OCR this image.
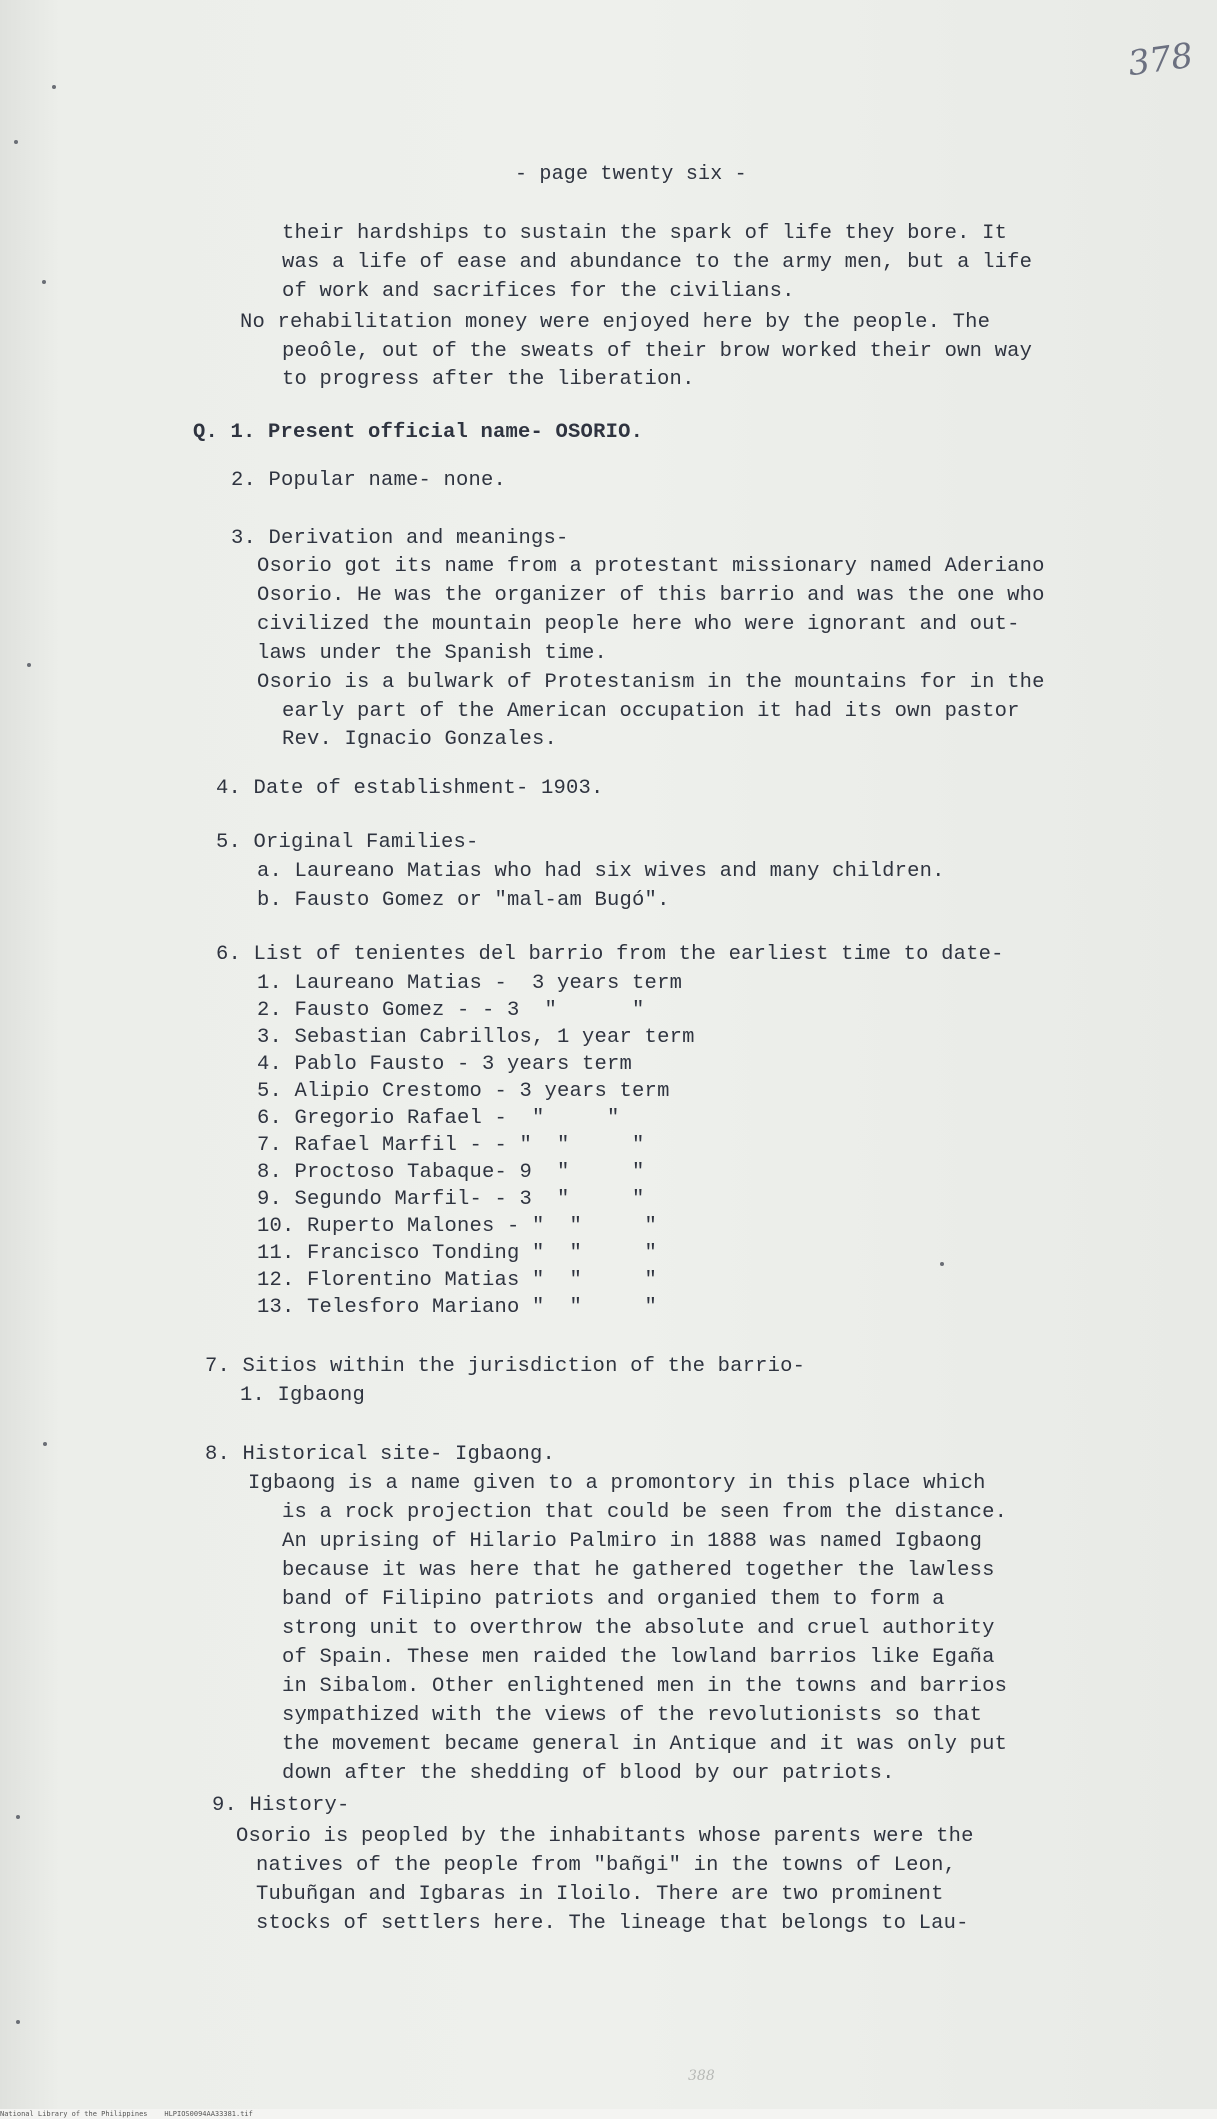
378
- page twenty six -
their hardships to sustain the spark of life they bore. It
was a life of ease and abundance to the army men, but a life
of work and sacrifices for the civilians.
No rehabilitation money were enjoyed here by the people. The
peoôle, out of the sweats of their brow worked their own way
to progress after the liberation.
Q. 1. Present official name- OSORIO.
2. Popular name- none.
3. Derivation and meanings-
Osorio got its name from a protestant missionary named Aderiano
Osorio. He was the organizer of this barrio and was the one who
civilized the mountain people here who were ignorant and out-
laws under the Spanish time.
Osorio is a bulwark of Protestanism in the mountains for in the
early part of the American occupation it had its own pastor
Rev. Ignacio Gonzales.
4. Date of establishment- 1903.
5. Original Families-
a. Laureano Matias who had six wives and many children.
b. Fausto Gomez or "mal-am Bugó".
6. List of tenientes del barrio from the earliest time to date-
1. Laureano Matias -  3 years term
2. Fausto Gomez - - 3  "      "
3. Sebastian Cabrillos, 1 year term
4. Pablo Fausto - 3 years term
5. Alipio Crestomo - 3 years term
6. Gregorio Rafael -  "     "
7. Rafael Marfil - - "  "     "
8. Proctoso Tabaque- 9  "     "
9. Segundo Marfil- - 3  "     "
10. Ruperto Malones - "  "     "
11. Francisco Tonding "  "     "
12. Florentino Matias "  "     "
13. Telesforo Mariano "  "     "
7. Sitios within the jurisdiction of the barrio-
1. Igbaong
8. Historical site- Igbaong.
Igbaong is a name given to a promontory in this place which
is a rock projection that could be seen from the distance.
An uprising of Hilario Palmiro in 1888 was named Igbaong
because it was here that he gathered together the lawless
band of Filipino patriots and organied them to form a
strong unit to overthrow the absolute and cruel authority
of Spain. These men raided the lowland barrios like Egaña
in Sibalom. Other enlightened men in the towns and barrios
sympathized with the views of the revolutionists so that
the movement became general in Antique and it was only put
down after the shedding of blood by our patriots.
9. History-
Osorio is peopled by the inhabitants whose parents were the
natives of the people from "bañgi" in the towns of Leon,
Tubuñgan and Igbaras in Iloilo. There are two prominent
stocks of settlers here. The lineage that belongs to Lau-
388
National Library of the Philippines    HLPIOS0094AA33381.tif
